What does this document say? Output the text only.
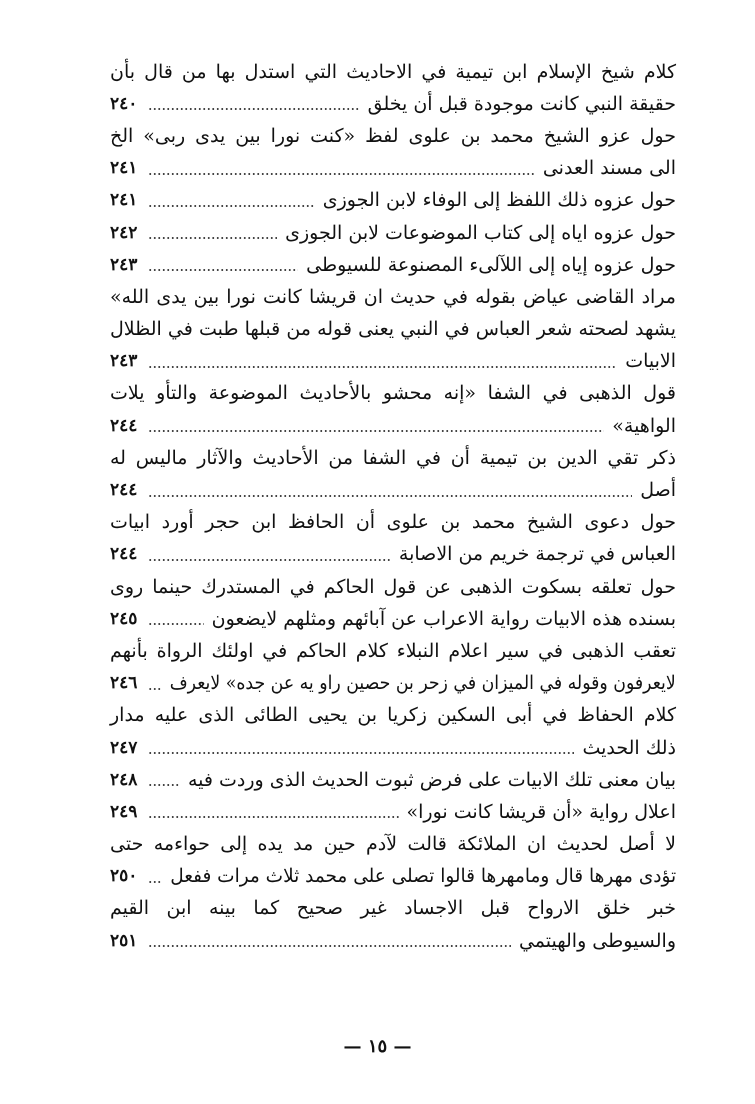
كلام شيخ الإسلام ابن تيمية في الاحاديث التي استدل بها من قال بأن
حقيقة النبي كانت موجودة قبل أن يخلق
٢٤٠
حول عزو الشيخ محمد بن علوى لفظ «كنت نورا بين يدى ربى» الخ
الى مسند العدنى
٢٤١
حول عزوه ذلك اللفظ إلى الوفاء لابن الجوزى
٢٤١
حول عزوه اياه إلى كتاب الموضوعات لابن الجوزى
٢٤٢
حول عزوه إياه إلى اللآلىء المصنوعة للسيوطى
٢٤٣
مراد القاضى عياض بقوله في حديث ان قريشا كانت نورا بين يدى الله»
يشهد لصحته شعر العباس في النبي يعنى قوله من قبلها طبت في الظلال
الابيات
٢٤٣
قول الذهبى في الشفا «إنه محشو بالأحاديث الموضوعة والتأو يلات
الواهية»
٢٤٤
ذكر تقي الدين بن تيمية أن في الشفا من الأحاديث والآثار ماليس له
أصل
٢٤٤
حول دعوى الشيخ محمد بن علوى أن الحافظ ابن حجر أورد ابيات
العباس في ترجمة خريم من الاصابة
٢٤٤
حول تعلقه بسكوت الذهبى عن قول الحاكم في المستدرك حينما روى
بسنده هذه الابيات رواية الاعراب عن آبائهم ومثلهم لايضعون
٢٤٥
تعقب الذهبى في سير اعلام النبلاء كلام الحاكم في اولئك الرواة بأنهم
لايعرفون وقوله في الميزان في زحر بن حصين راو يه عن جده» لايعرف
٢٤٦
كلام الحفاظ في أبى السكين زكريا بن يحيى الطائى الذى عليه مدار
ذلك الحديث
٢٤٧
بيان معنى تلك الابيات على فرض ثبوت الحديث الذى وردت فيه
٢٤٨
اعلال رواية «أن قريشا كانت نورا»
٢٤٩
لا أصل لحديث ان الملائكة قالت لآدم حين مد يده إلى حواءمه حتى
تؤدى مهرها قال ومامهرها قالوا تصلى على محمد ثلاث مرات ففعل
٢٥٠
خبر خلق الارواح قبل الاجساد غير صحيح كما بينه ابن القيم
والسيوطى والهيتمي
٢٥١
— ١٥ —
